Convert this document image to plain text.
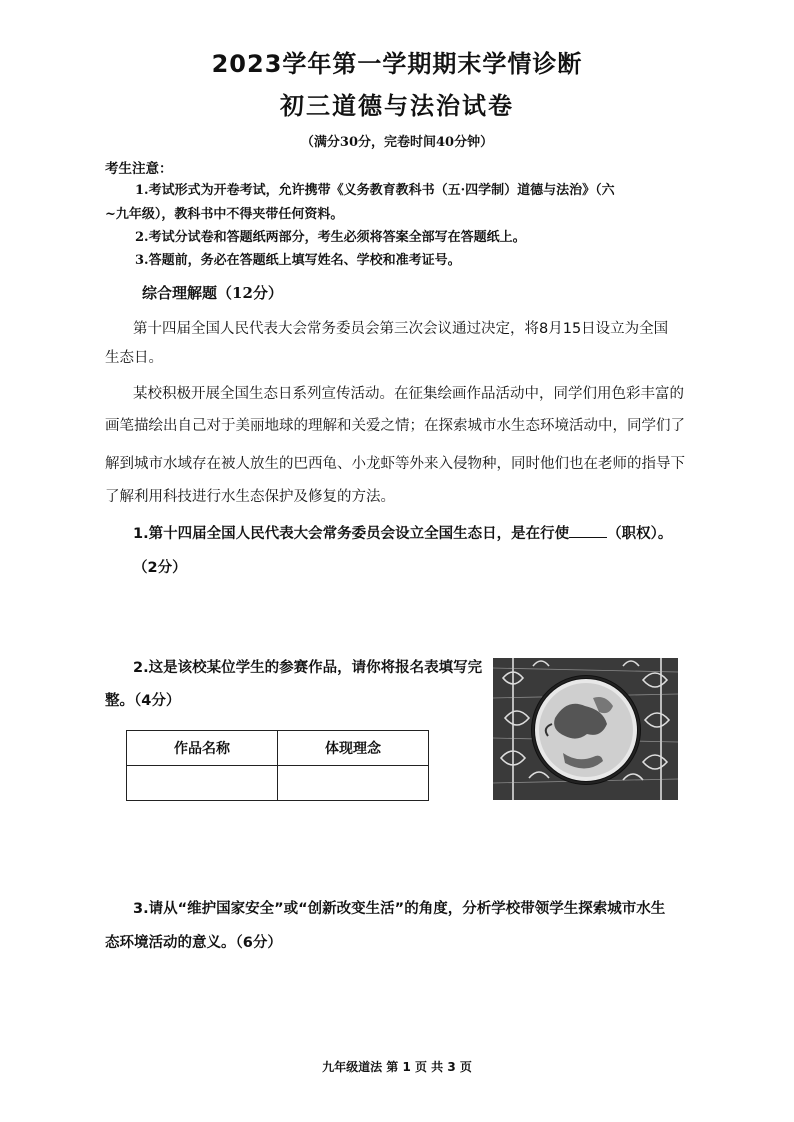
2023学年第一学期期末学情诊断
初三道德与法治试卷
（满分30分，完卷时间40分钟）
考生注意：
1.考试形式为开卷考试，允许携带《义务教育教科书（五·四学制）道德与法治》（六
~九年级），教科书中不得夹带任何资料。
2.考试分试卷和答题纸两部分，考生必须将答案全部写在答题纸上。
3.答题前，务必在答题纸上填写姓名、学校和准考证号。
综合理解题（12分）
第十四届全国人民代表大会常务委员会第三次会议通过决定，将8月15日设立为全国
生态日。
某校积极开展全国生态日系列宣传活动。在征集绘画作品活动中，同学们用色彩丰富的
画笔描绘出自己对于美丽地球的理解和关爱之情；在探索城市水生态环境活动中，同学们了
解到城市水域存在被人放生的巴西龟、小龙虾等外来入侵物种，同时他们也在老师的指导下
了解利用科技进行水生态保护及修复的方法。
1.第十四届全国人民代表大会常务委员会设立全国生态日，是在行使	（职权）。
（2分）
2.这是该校某位学生的参赛作品，请你将报名表填写完
整。（4分）
作品名称	体现理念

3.请从“维护国家安全”或“创新改变生活”的角度，分析学校带领学生探索城市水生
态环境活动的意义。（6分）
九年级道法 第 1 页 共 3 页
